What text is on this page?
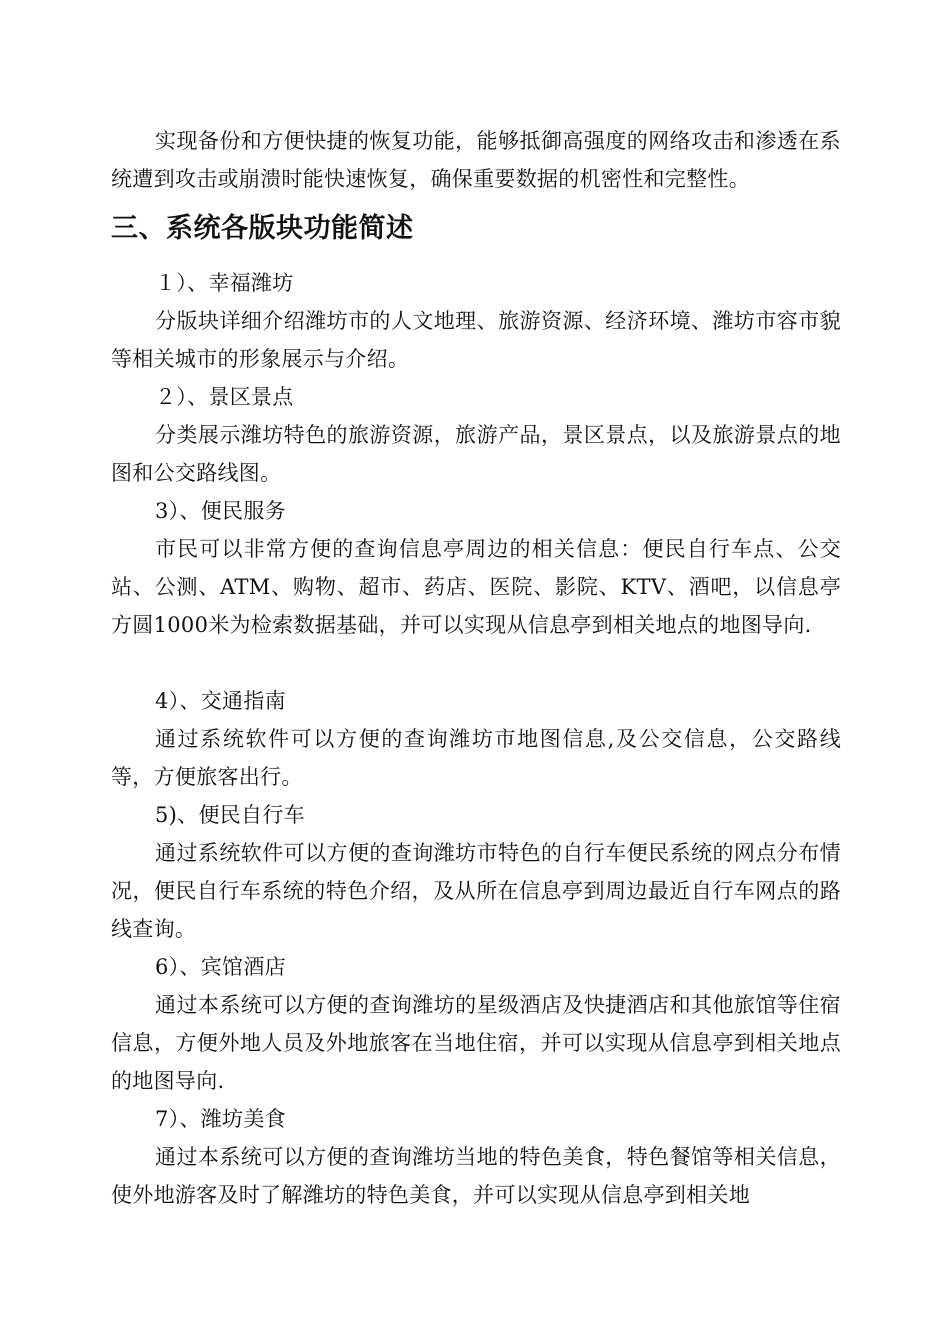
实现备份和方便快捷的恢复功能，能够抵御高强度的网络攻击和渗透在系统遭到攻击或崩溃时能快速恢复，确保重要数据的机密性和完整性。

三、系统各版块功能简述

１）、幸福潍坊

分版块详细介绍潍坊市的人文地理、旅游资源、经济环境、潍坊市容市貌等相关城市的形象展示与介绍。

２）、景区景点

分类展示潍坊特色的旅游资源，旅游产品，景区景点，以及旅游景点的地图和公交路线图。

3）、便民服务

市民可以非常方便的查询信息亭周边的相关信息：便民自行车点、公交站、公测、ATM、购物、超市、药店、医院、影院、KTV、酒吧，以信息亭方圆1000米为检索数据基础，并可以实现从信息亭到相关地点的地图导向.

4）、交通指南

通过系统软件可以方便的查询潍坊市地图信息,及公交信息，公交路线等，方便旅客出行。

5)、便民自行车

通过系统软件可以方便的查询潍坊市特色的自行车便民系统的网点分布情况，便民自行车系统的特色介绍，及从所在信息亭到周边最近自行车网点的路线查询。

6）、宾馆酒店

通过本系统可以方便的查询潍坊的星级酒店及快捷酒店和其他旅馆等住宿信息，方便外地人员及外地旅客在当地住宿，并可以实现从信息亭到相关地点的地图导向.

7）、潍坊美食

通过本系统可以方便的查询潍坊当地的特色美食，特色餐馆等相关信息，使外地游客及时了解潍坊的特色美食，并可以实现从信息亭到相关地
